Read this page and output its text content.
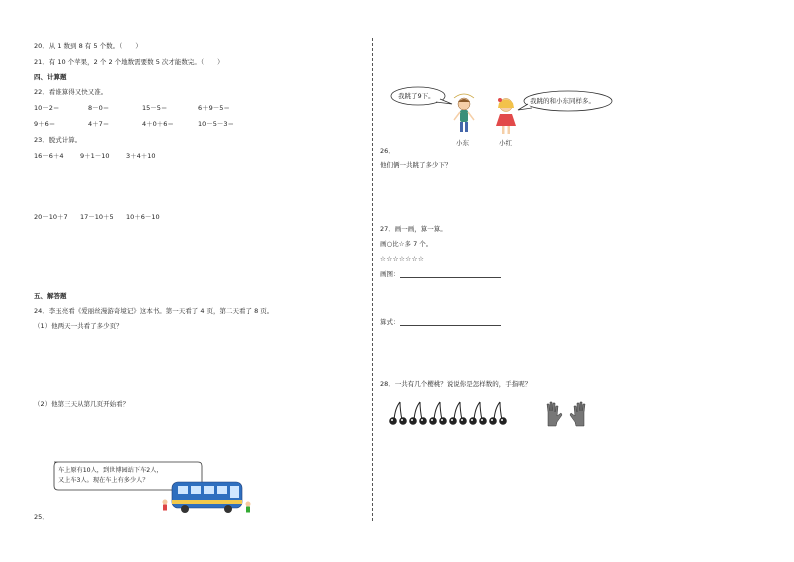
20．从 1 数到 8 有 5 个数。（　　）
21．有 10 个苹果，2 个 2 个地数需要数 5 次才能数完。（　　）
四、计算题
22．看谁算得又快又准。
10－2＝	8－0＝	15－5＝	6＋9－5＝
9＋6＝	4＋7＝	4＋0＋6＝	10－5－3＝
23．脱式计算。
16－6＋4	9＋1－10	3＋4＋10
20－10＋7 17－10＋5 10＋6－10
五、解答题
24．李玉亮看《爱丽丝漫游奇境记》这本书。第一天看了 4 页，第二天看了 8 页。
（1）他两天一共看了多少页？
（2）他第三天从第几页开始看？
车上原有10人，到世博园站下车2人，
又上车3人。现在车上有多少人？
25．
我跳了9下。
我跳的和小东同样多。
小东	小红
26．
他们俩一共跳了多少下？
27．画一画，算一算。
画○比☆多 7 个。
☆☆☆☆☆☆☆
画图：
算式：
28．一共有几个樱桃？说说你是怎样数的，手指呢？
